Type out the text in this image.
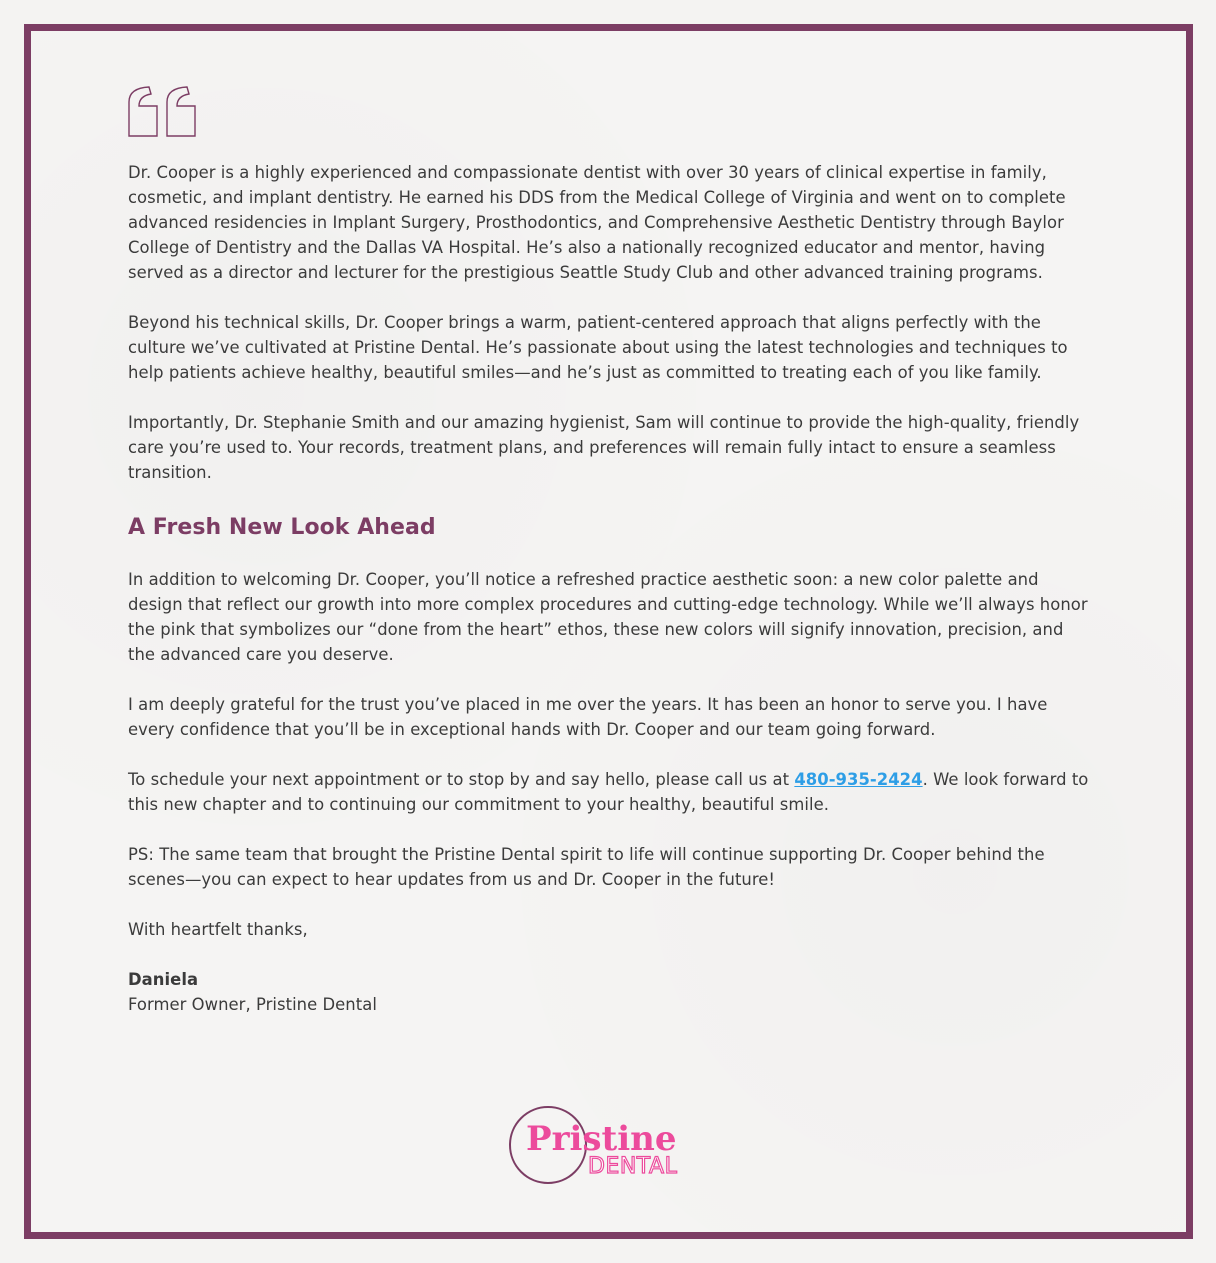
Dr. Cooper is a highly experienced and compassionate dentist with over 30 years of clinical expertise in family, cosmetic, and implant dentistry. He earned his DDS from the Medical College of Virginia and went on to complete advanced residencies in Implant Surgery, Prosthodontics, and Comprehensive Aesthetic Dentistry through Baylor College of Dentistry and the Dallas VA Hospital. He’s also a nationally recognized educator and mentor, having served as a director and lecturer for the prestigious Seattle Study Club and other advanced training programs.

Beyond his technical skills, Dr. Cooper brings a warm, patient-centered approach that aligns perfectly with the culture we’ve cultivated at Pristine Dental. He’s passionate about using the latest technologies and techniques to help patients achieve healthy, beautiful smiles—and he’s just as committed to treating each of you like family.

Importantly, Dr. Stephanie Smith and our amazing hygienist, Sam will continue to provide the high-quality, friendly care you’re used to. Your records, treatment plans, and preferences will remain fully intact to ensure a seamless transition.

A Fresh New Look Ahead

In addition to welcoming Dr. Cooper, you’ll notice a refreshed practice aesthetic soon: a new color palette and design that reflect our growth into more complex procedures and cutting-edge technology. While we’ll always honor the pink that symbolizes our “done from the heart” ethos, these new colors will signify innovation, precision, and the advanced care you deserve.

I am deeply grateful for the trust you’ve placed in me over the years. It has been an honor to serve you. I have every confidence that you’ll be in exceptional hands with Dr. Cooper and our team going forward.

To schedule your next appointment or to stop by and say hello, please call us at 480-935-2424. We look forward to this new chapter and to continuing our commitment to your healthy, beautiful smile.

PS: The same team that brought the Pristine Dental spirit to life will continue supporting Dr. Cooper behind the scenes—you can expect to hear updates from us and Dr. Cooper in the future!

With heartfelt thanks,

Daniela
Former Owner, Pristine Dental

Pristine
DENTAL
